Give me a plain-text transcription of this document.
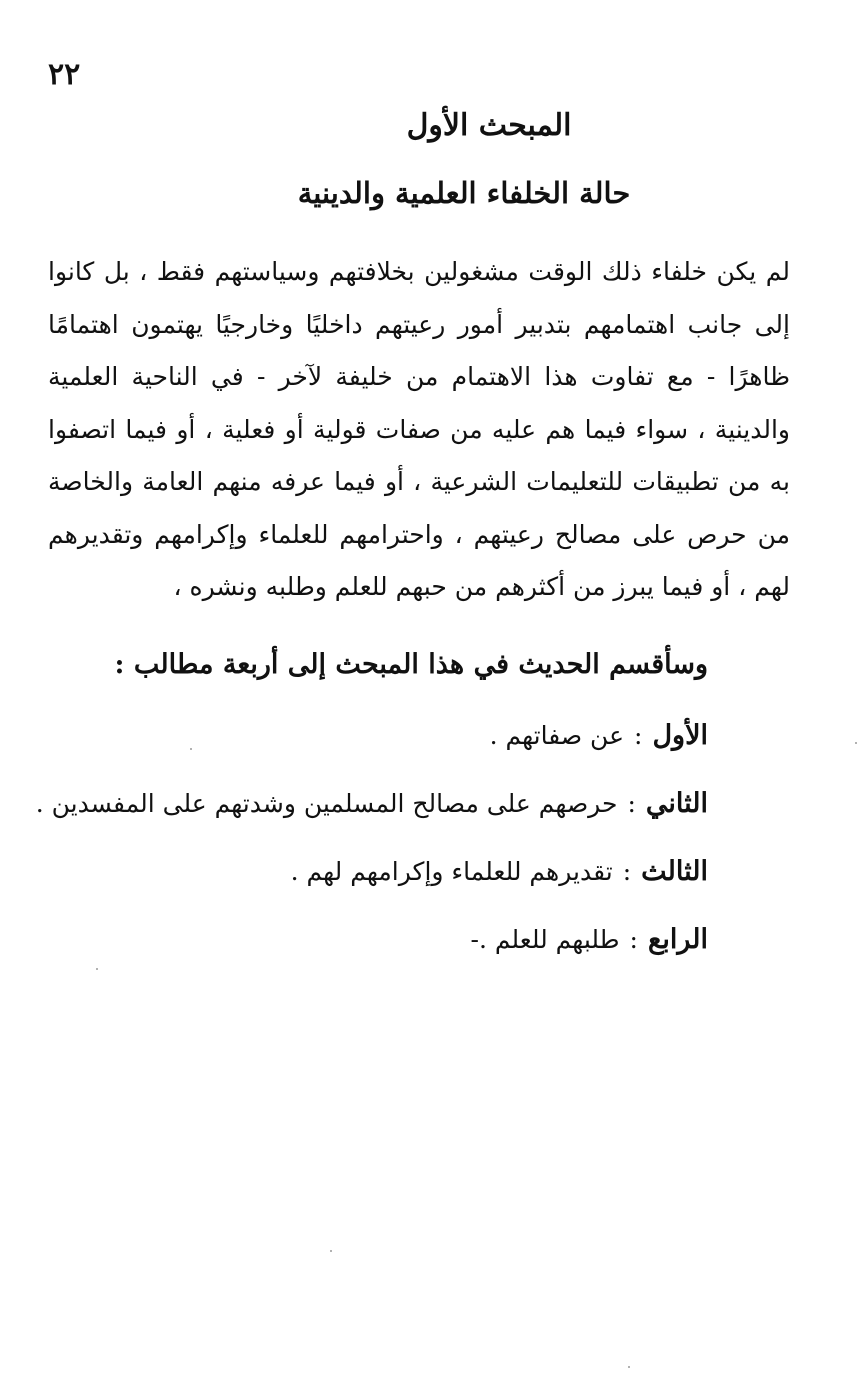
٢٢
المبحث الأول
حالة الخلفاء العلمية والدينية

لم يكن خلفاء ذلك الوقت مشغولين بخلافتهم وسياستهم فقط ، بل كانوا إلى جانب اهتمامهم بتدبير أمور رعيتهم داخليًا وخارجيًا يهتمون اهتمامًا ظاهرًا - مع تفاوت هذا الاهتمام من خليفة لآخر - في الناحية العلمية والدينية ، سواء فيما هم عليه من صفات قولية أو فعلية ، أو فيما اتصفوا به من تطبيقات للتعليمات الشرعية ، أو فيما عرفه منهم العامة والخاصة من حرص على مصالح رعيتهم ، واحترامهم للعلماء وإكرامهم وتقديرهم لهم ، أو فيما يبرز من أكثرهم من حبهم للعلم وطلبه ونشره ،

وسأقسم الحديث في هذا المبحث إلى أربعة مطالب :

الأول:عن صفاتهم .
الثاني:حرصهم على مصالح المسلمين وشدتهم على المفسدين .
الثالث:تقديرهم للعلماء وإكرامهم لهم .
الرابع:طلبهم للعلم .-
